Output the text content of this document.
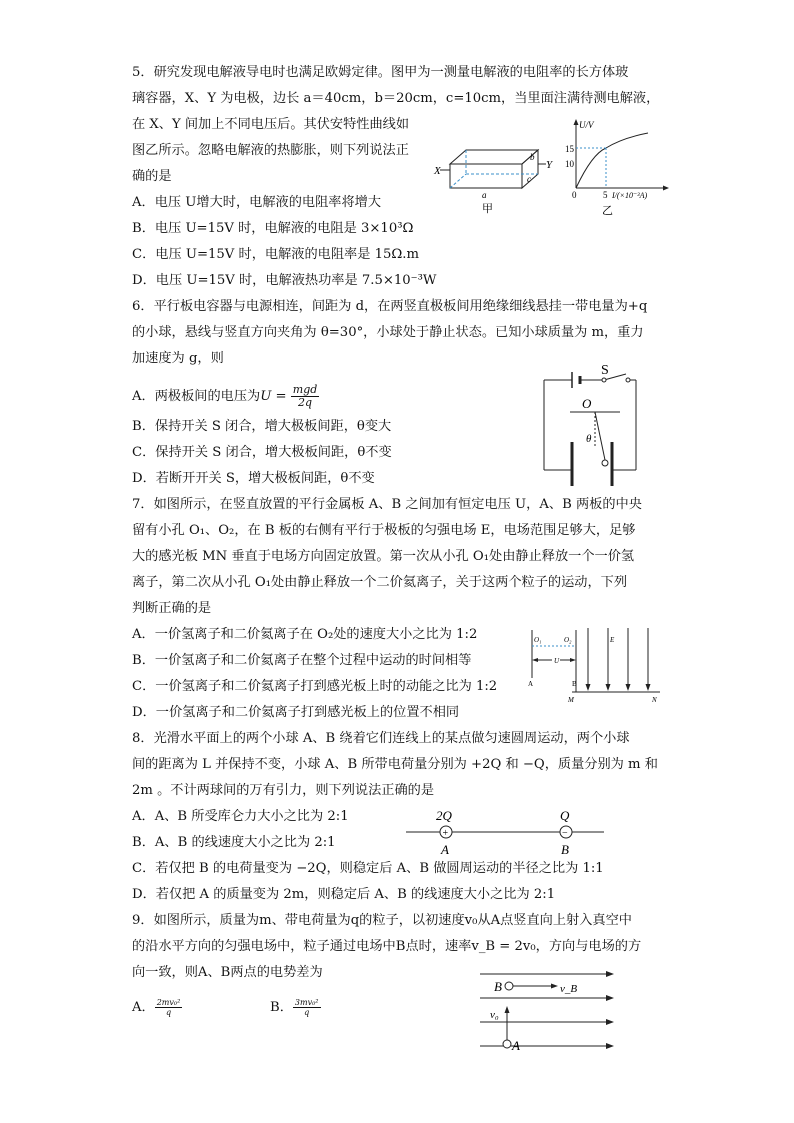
5．研究发现电解液导电时也满足欧姆定律。图甲为一测量电解液的电阻率的长方体玻
璃容器，X、Y 为电极，边长 a＝40cm，b＝20cm，c=10cm，当里面注满待测电解液，
在 X、Y 间加上不同电压后。其伏安特性曲线如
图乙所示。忽略电解液的热膨胀，则下列说法正
确的是
A．电压 U增大时，电解液的电阻率将增大
B．电压 U=15V 时，电解液的电阻是 3×10³Ω
C．电压 U=15V 时，电解液的电阻率是 15Ω.m
D．电压 U=15V 时，电解液热功率是 7.5×10⁻³W
X	Y
a
b
c
甲
U/V
15
10
0	5 I/(×10⁻³A)
乙
6．平行板电容器与电源相连，间距为 d，在两竖直极板间用绝缘细线悬挂一带电量为+q
的小球，悬线与竖直方向夹角为 θ=30°，小球处于静止状态。已知小球质量为 m，重力
加速度为 g，则
A．两极板间的电压为$U = \frac{\text{mgd}}{2q}$
B．保持开关 S 闭合，增大极板间距，θ变大
C．保持开关 S 闭合，增大极板间距，θ不变
D．若断开开关 S，增大极板间距，θ不变
S
O
θ
7．如图所示，在竖直放置的平行金属板 A、B 之间加有恒定电压 U，A、B 两板的中央
留有小孔 O₁、O₂，在 B 板的右侧有平行于极板的匀强电场 E，电场范围足够大，足够
大的感光板 MN 垂直于电场方向固定放置。第一次从小孔 O₁处由静止释放一个一价氢
离子，第二次从小孔 O₁处由静止释放一个二价氦离子，关于这两个粒子的运动，下列
判断正确的是
A．一价氢离子和二价氦离子在 O₂处的速度大小之比为 1:2
B．一价氢离子和二价氦离子在整个过程中运动的时间相等
C．一价氢离子和二价氦离子打到感光板上时的动能之比为 1:2
D．一价氢离子和二价氦离子打到感光板上的位置不相同
O₁	O₂
U
E
A	B
M	N
8．光滑水平面上的两个小球 A、B 绕着它们连线上的某点做匀速圆周运动，两个小球
间的距离为 L 并保持不变，小球 A、B 所带电荷量分别为 +2Q 和 −Q，质量分别为 m 和
2m 。不计两球间的万有引力，则下列说法正确的是
A．A、B 所受库仑力大小之比为 2:1
B．A、B 的线速度大小之比为 2:1
C．若仅把 B 的电荷量变为 −2Q，则稳定后 A、B 做圆周运动的半径之比为 1:1
D．若仅把 A 的质量变为 2m，则稳定后 A、B 的线速度大小之比为 2:1
+	−
2Q	Q
A	B
9．如图所示，质量为m、带电荷量为q的粒子，以初速度v₀从A点竖直向上射入真空中
的沿水平方向的匀强电场中，粒子通过电场中B点时，速率v_B = 2v₀，方向与电场的方
向一致，则A、B两点的电势差为
A． $\frac{\text{2mv₀²}}{q}$	B． $\frac{\text{3mv₀²}}{q}$
B	v_B
v₀
A
